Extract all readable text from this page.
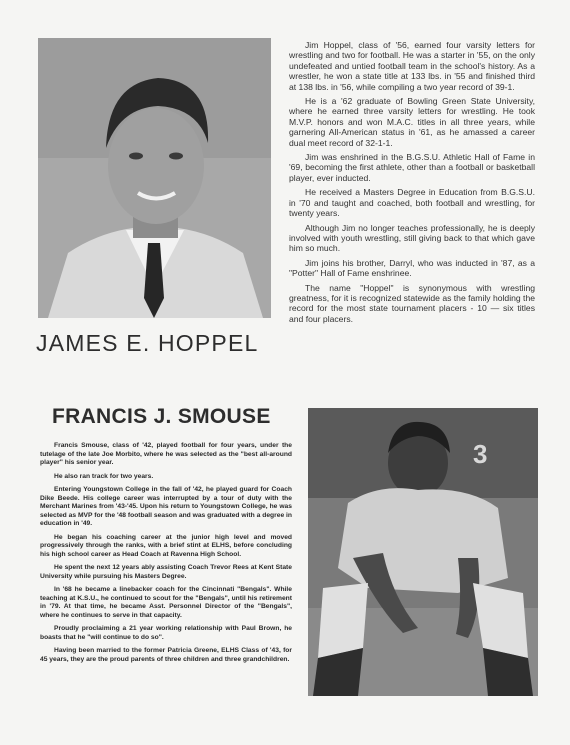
JAMES E. HOPPEL

Jim Hoppel, class of '56, earned four varsity letters for wrestling and two for football. He was a starter in '55, on the only undefeated and untied football team in the school's history. As a wrestler, he won a state title at 133 lbs. in '55 and finished third at 138 lbs. in '56, while compiling a two year record of 39-1.

He is a '62 graduate of Bowling Green State University, where he earned three varsity letters for wrestling. He took M.V.P. honors and won M.A.C. titles in all three years, while garnering All-American status in '61, as he amassed a career dual meet record of 32-1-1.

Jim was enshrined in the B.G.S.U. Athletic Hall of Fame in '69, becoming the first athlete, other than a football or basketball player, ever inducted.

He received a Masters Degree in Education from B.G.S.U. in '70 and taught and coached, both football and wrestling, for twenty years.

Although Jim no longer teaches professionally, he is deeply involved with youth wrestling, still giving back to that which gave him so much.

Jim joins his brother, Darryl, who was inducted in '87, as a "Potter" Hall of Fame enshrinee.

The name "Hoppel" is synonymous with wrestling greatness, for it is recognized statewide as the family holding the record for the most state tournament placers - 10 — six titles and four placers.

FRANCIS J. SMOUSE

Francis Smouse, class of '42, played football for four years, under the tutelage of the late Joe Morbito, where he was selected as the "best all-around player" his senior year.

He also ran track for two years.

Entering Youngstown College in the fall of '42, he played guard for Coach Dike Beede. His college career was interrupted by a tour of duty with the Merchant Marines from '43-'45. Upon his return to Youngstown College, he was selected as MVP for the '48 football season and was graduated with a degree in education in '49.

He began his coaching career at the junior high level and moved progressively through the ranks, with a brief stint at ELHS, before concluding his high school career as Head Coach at Ravenna High School.

He spent the next 12 years ably assisting Coach Trevor Rees at Kent State University while pursuing his Masters Degree.

In '68 he became a linebacker coach for the Cincinnati "Bengals". While teaching at K.S.U., he continued to scout for the "Bengals", until his retirement in '79. At that time, he became Asst. Personnel Director of the "Bengals", where he continues to serve in that capacity.

Proudly proclaiming a 21 year working relationship with Paul Brown, he boasts that he "will continue to do so".

Having been married to the former Patricia Greene, ELHS Class of '43, for 45 years, they are the proud parents of three children and three grandchildren.

3
